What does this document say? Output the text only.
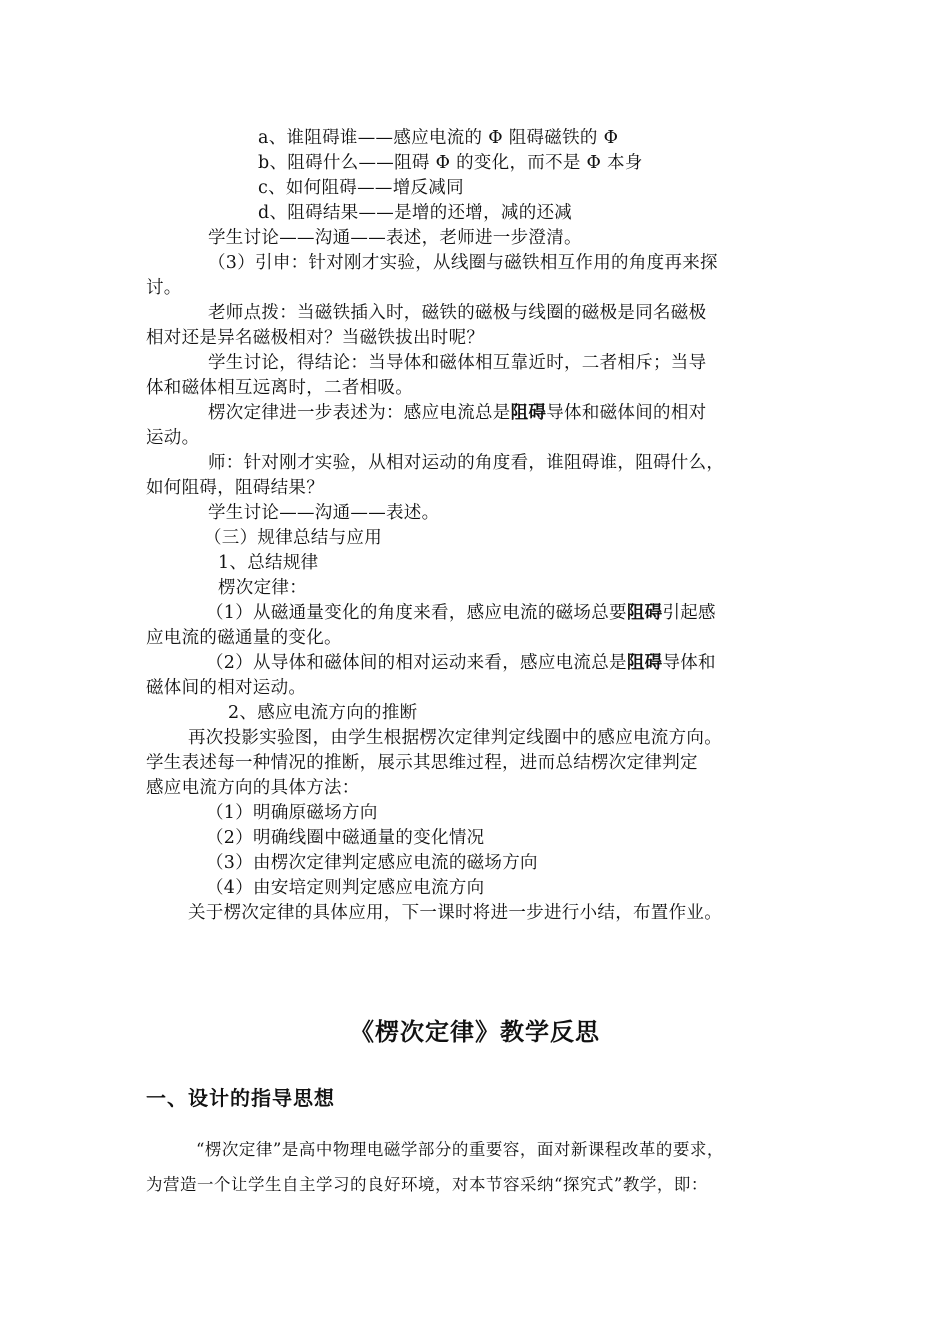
a、谁阻碍谁——感应电流的 Φ 阻碍磁铁的 Φ
b、阻碍什么——阻碍 Φ 的变化，而不是 Φ 本身
c、如何阻碍——增反减同
d、阻碍结果——是增的还增，减的还减
学生讨论——沟通——表述，老师进一步澄清。
（3）引申：针对刚才实验，从线圈与磁铁相互作用的角度再来探
讨。
老师点拨：当磁铁插入时，磁铁的磁极与线圈的磁极是同名磁极
相对还是异名磁极相对？当磁铁拔出时呢？
学生讨论，得结论：当导体和磁体相互靠近时，二者相斥；当导
体和磁体相互远离时，二者相吸。
楞次定律进一步表述为：感应电流总是阻碍导体和磁体间的相对
运动。
师：针对刚才实验，从相对运动的角度看，谁阻碍谁，阻碍什么，
如何阻碍，阻碍结果？
学生讨论——沟通——表述。
（三）规律总结与应用
1、总结规律
楞次定律：
（1）从磁通量变化的角度来看，感应电流的磁场总要阻碍引起感
应电流的磁通量的变化。
（2）从导体和磁体间的相对运动来看，感应电流总是阻碍导体和
磁体间的相对运动。
2、感应电流方向的推断
再次投影实验图，由学生根据楞次定律判定线圈中的感应电流方向。
学生表述每一种情况的推断，展示其思维过程，进而总结楞次定律判定
感应电流方向的具体方法：
（1）明确原磁场方向
（2）明确线圈中磁通量的变化情况
（3）由楞次定律判定感应电流的磁场方向
（4）由安培定则判定感应电流方向
关于楞次定律的具体应用，下一课时将进一步进行小结，布置作业。
《楞次定律》教学反思
一、设计的指导思想
“楞次定律”是高中物理电磁学部分的重要容，面对新课程改革的要求，
为营造一个让学生自主学习的良好环境，对本节容采纳“探究式”教学，即：
